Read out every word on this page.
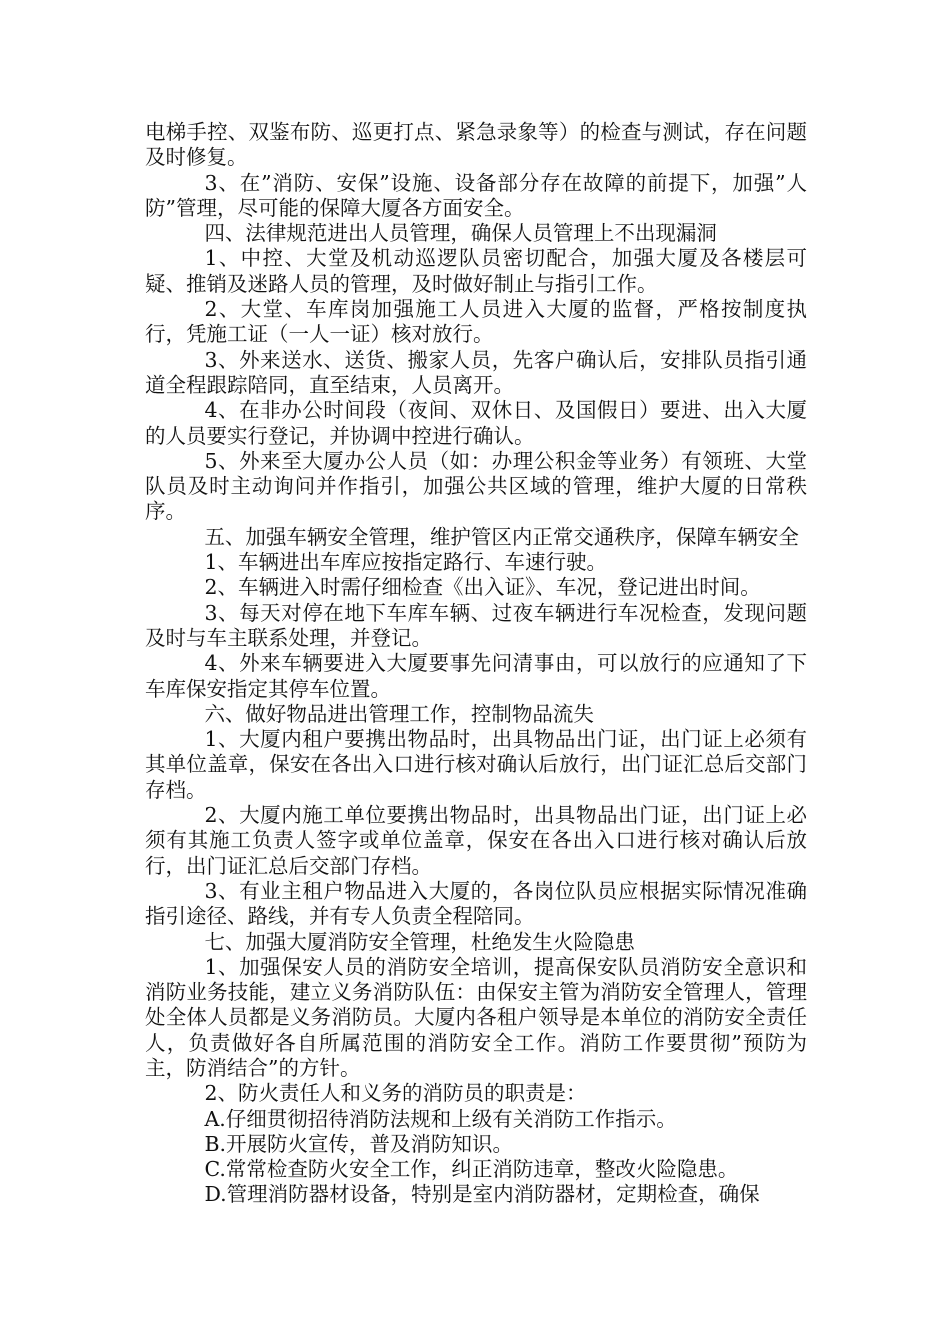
电梯手控、双鉴布防、巡更打点、紧急录象等）的检查与测试，存在问题及时修复。

3、在”消防、安保”设施、设备部分存在故障的前提下，加强”人防”管理，尽可能的保障大厦各方面安全。

四、法律规范进出人员管理，确保人员管理上不出现漏洞

1、中控、大堂及机动巡逻队员密切配合，加强大厦及各楼层可疑、推销及迷路人员的管理，及时做好制止与指引工作。

2、大堂、车库岗加强施工人员进入大厦的监督，严格按制度执行，凭施工证（一人一证）核对放行。

3、外来送水、送货、搬家人员，先客户确认后，安排队员指引通道全程跟踪陪同，直至结束，人员离开。

4、在非办公时间段（夜间、双休日、及国假日）要进、出入大厦的人员要实行登记，并协调中控进行确认。

5、外来至大厦办公人员（如：办理公积金等业务）有领班、大堂队员及时主动询问并作指引，加强公共区域的管理，维护大厦的日常秩序。

五、加强车辆安全管理，维护管区内正常交通秩序，保障车辆安全

1、车辆进出车库应按指定路行、车速行驶。

2、车辆进入时需仔细检查《出入证》、车况，登记进出时间。

3、每天对停在地下车库车辆、过夜车辆进行车况检查，发现问题及时与车主联系处理，并登记。

4、外来车辆要进入大厦要事先问清事由，可以放行的应通知了下车库保安指定其停车位置。

六、做好物品进出管理工作，控制物品流失

1、大厦内租户要携出物品时，出具物品出门证，出门证上必须有其单位盖章，保安在各出入口进行核对确认后放行，出门证汇总后交部门存档。

2、大厦内施工单位要携出物品时，出具物品出门证，出门证上必须有其施工负责人签字或单位盖章，保安在各出入口进行核对确认后放行，出门证汇总后交部门存档。

3、有业主租户物品进入大厦的，各岗位队员应根据实际情况准确指引途径、路线，并有专人负责全程陪同。

七、加强大厦消防安全管理，杜绝发生火险隐患

1、加强保安人员的消防安全培训，提高保安队员消防安全意识和消防业务技能，建立义务消防队伍：由保安主管为消防安全管理人，管理处全体人员都是义务消防员。大厦内各租户领导是本单位的消防安全责任人，负责做好各自所属范围的消防安全工作。消防工作要贯彻”预防为主，防消结合”的方针。

2、防火责任人和义务的消防员的职责是：

A.仔细贯彻招待消防法规和上级有关消防工作指示。

B.开展防火宣传，普及消防知识。

C.常常检查防火安全工作，纠正消防违章，整改火险隐患。

D.管理消防器材设备，特别是室内消防器材，定期检查，确保
